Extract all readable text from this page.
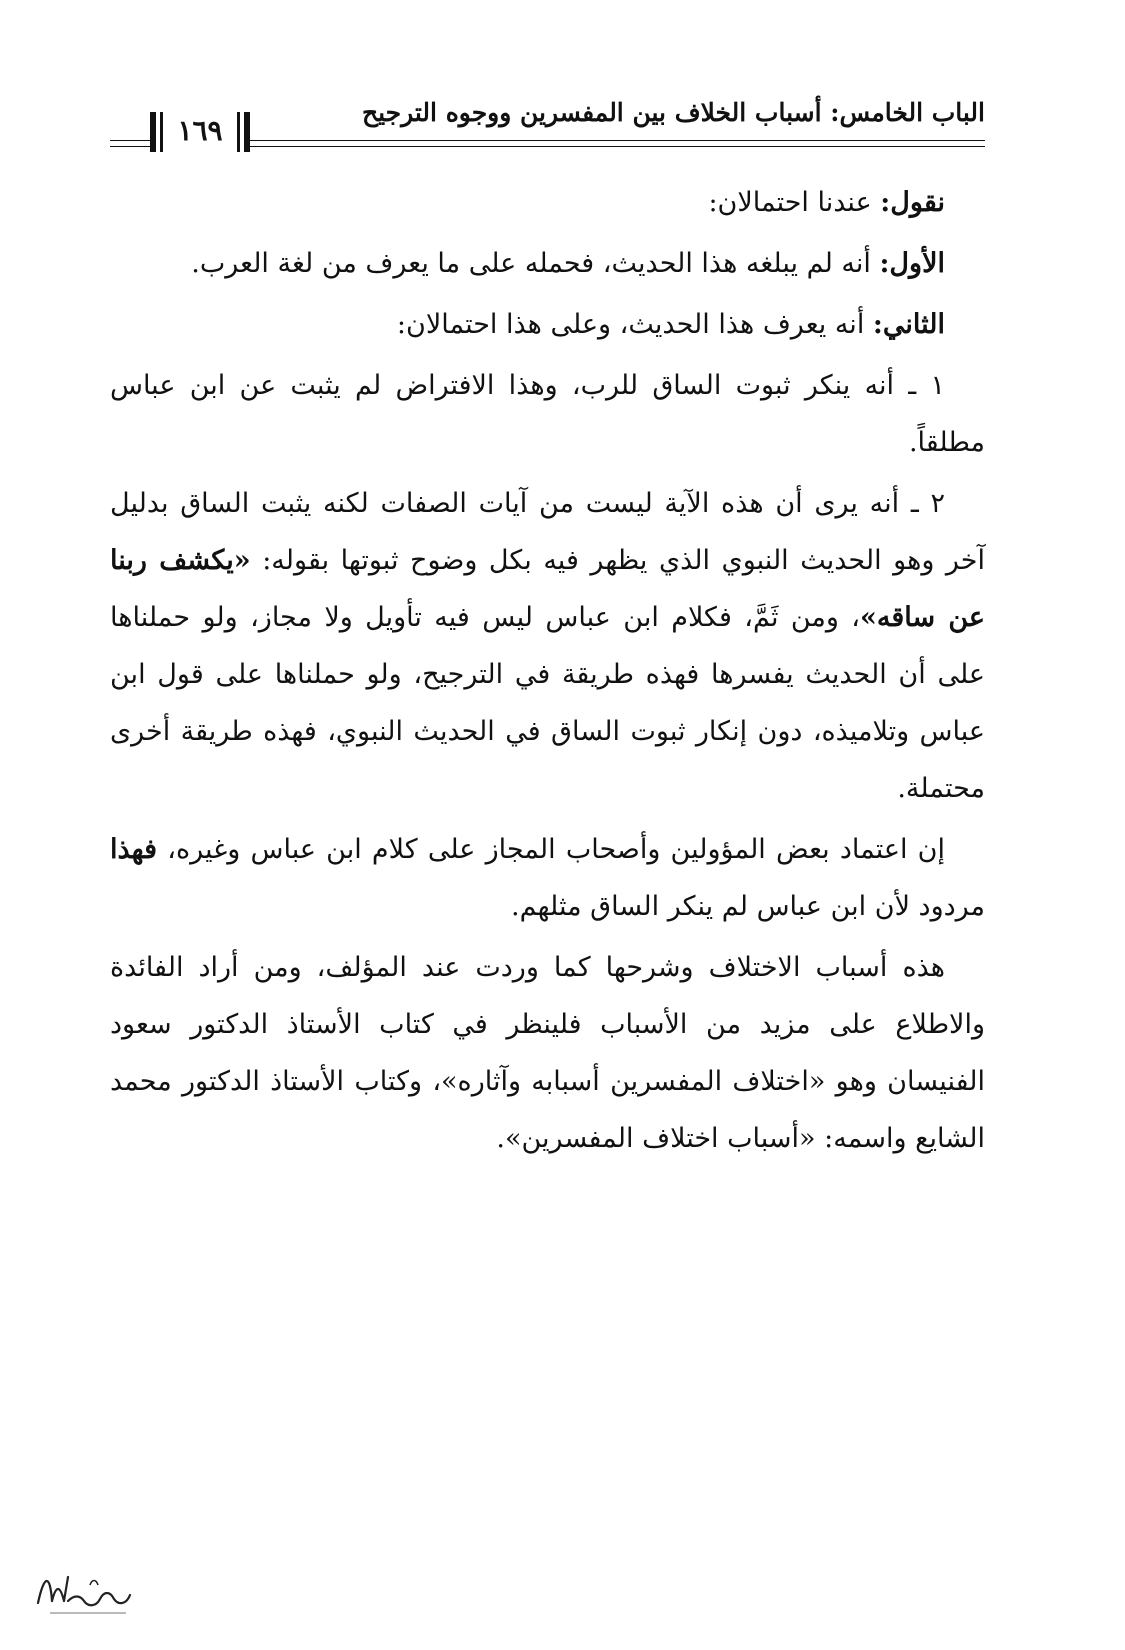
الباب الخامس: أسباب الخلاف بين المفسرين ووجوه الترجيح
١٦٩

نقول: عندنا احتمالان:

الأول: أنه لم يبلغه هذا الحديث، فحمله على ما يعرف من لغة العرب.

الثاني: أنه يعرف هذا الحديث، وعلى هذا احتمالان:

١ ـ أنه ينكر ثبوت الساق للرب، وهذا الافتراض لم يثبت عن ابن عباس مطلقاً.

٢ ـ أنه يرى أن هذه الآية ليست من آيات الصفات لكنه يثبت الساق بدليل آخر وهو الحديث النبوي الذي يظهر فيه بكل وضوح ثبوتها بقوله: «يكشف ربنا عن ساقه»، ومن ثَمَّ، فكلام ابن عباس ليس فيه تأويل ولا مجاز، ولو حملناها على أن الحديث يفسرها فهذه طريقة في الترجيح، ولو حملناها على قول ابن عباس وتلاميذه، دون إنكار ثبوت الساق في الحديث النبوي، فهذه طريقة أخرى محتملة.

إن اعتماد بعض المؤولين وأصحاب المجاز على كلام ابن عباس وغيره، فهذا مردود لأن ابن عباس لم ينكر الساق مثلهم.

هذه أسباب الاختلاف وشرحها كما وردت عند المؤلف، ومن أراد الفائدة والاطلاع على مزيد من الأسباب فلينظر في كتاب الأستاذ الدكتور سعود الفنيسان وهو «اختلاف المفسرين أسبابه وآثاره»، وكتاب الأستاذ الدكتور محمد الشايع واسمه: «أسباب اختلاف المفسرين».
